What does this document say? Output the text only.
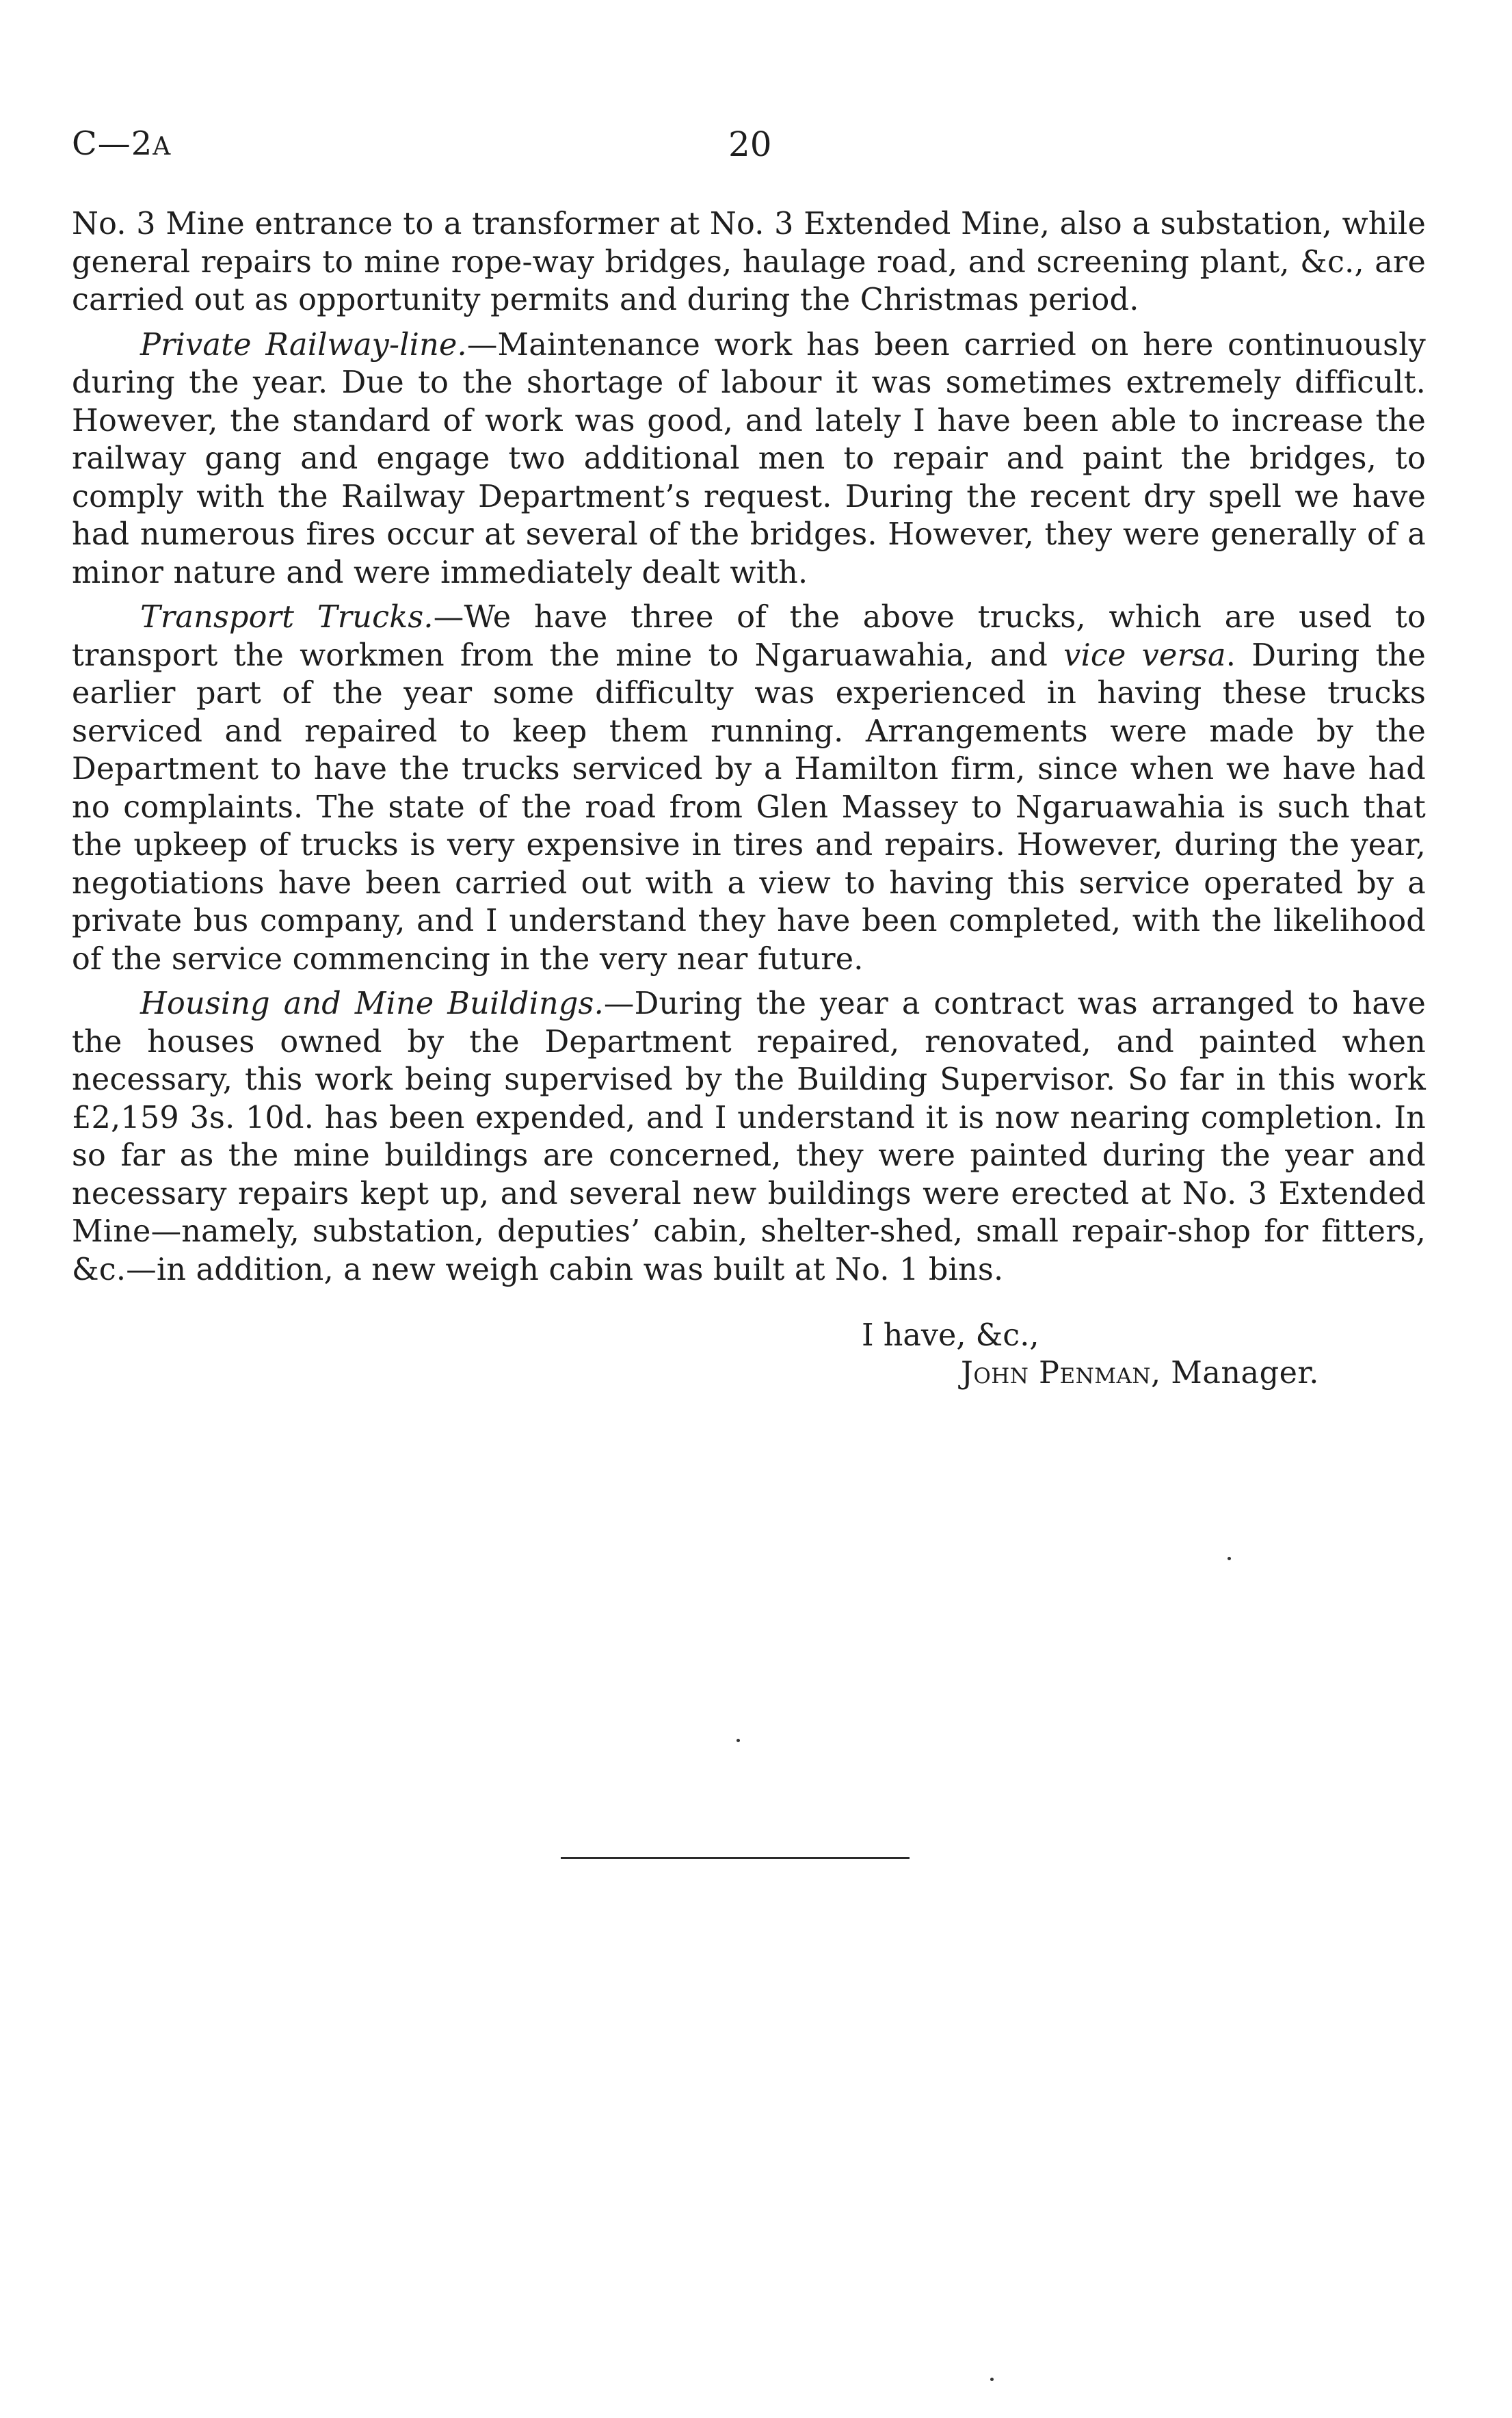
C—2A	20

No. 3 Mine entrance to a transformer at No. 3 Extended Mine, also a substation, while general repairs to mine rope-way bridges, haulage road, and screening plant, &c., are carried out as opportunity permits and during the Christmas period.

Private Railway-line.—Maintenance work has been carried on here continuously during the year. Due to the shortage of labour it was sometimes extremely difficult. However, the standard of work was good, and lately I have been able to increase the railway gang and engage two additional men to repair and paint the bridges, to comply with the Railway Department’s request. During the recent dry spell we have had numerous fires occur at several of the bridges. However, they were generally of a minor nature and were immediately dealt with.

Transport Trucks.—We have three of the above trucks, which are used to transport the workmen from the mine to Ngaruawahia, and vice versa. During the earlier part of the year some difficulty was experienced in having these trucks serviced and repaired to keep them running. Arrangements were made by the Department to have the trucks serviced by a Hamilton firm, since when we have had no complaints. The state of the road from Glen Massey to Ngaruawahia is such that the upkeep of trucks is very expensive in tires and repairs. However, during the year, negotiations have been carried out with a view to having this service operated by a private bus company, and I understand they have been completed, with the likelihood of the service commencing in the very near future.

Housing and Mine Buildings.—During the year a contract was arranged to have the houses owned by the Department repaired, renovated, and painted when necessary, this work being supervised by the Building Supervisor. So far in this work £2,159 3s. 10d. has been expended, and I understand it is now nearing completion. In so far as the mine buildings are concerned, they were painted during the year and necessary repairs kept up, and several new buildings were erected at No. 3 Extended Mine—namely, substation, deputies’ cabin, shelter-shed, small repair-shop for fitters, &c.—in addition, a new weigh cabin was built at No. 1 bins.

I have, &c.,
John Penman, Manager.
